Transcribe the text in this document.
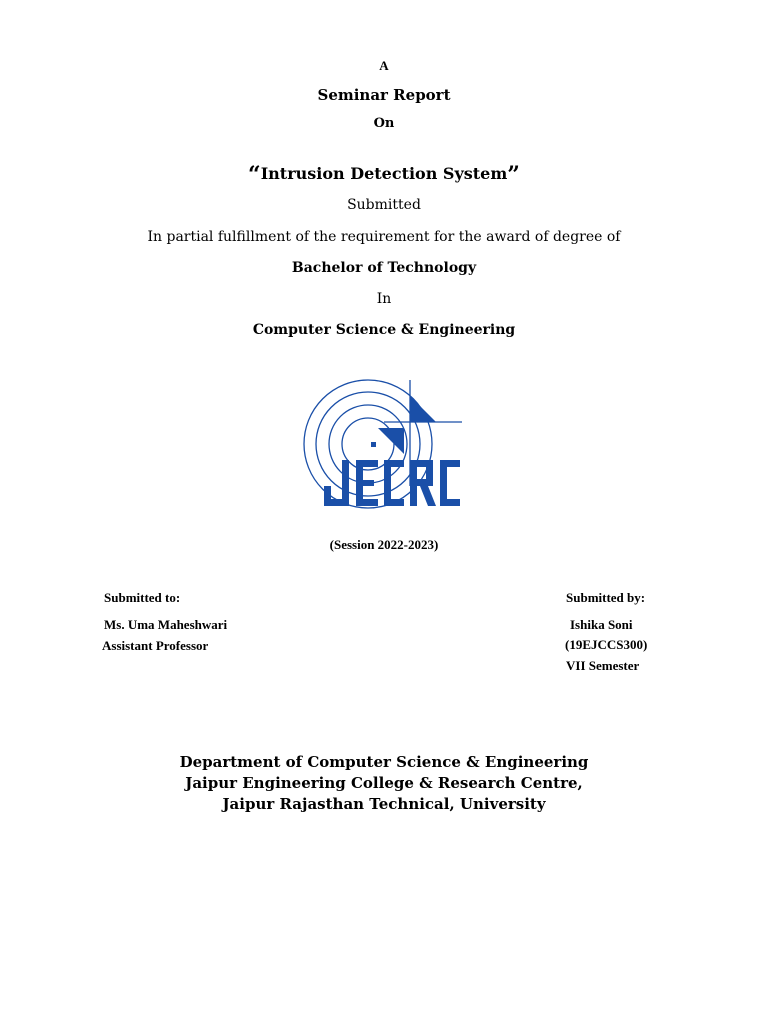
A
Seminar Report
On
“Intrusion Detection System”
Submitted
In partial fulfillment of the requirement for the award of degree of
Bachelor of Technology
In
Computer Science & Engineering
(Session 2022-2023)
Submitted to:
Ms. Uma Maheshwari
Assistant Professor
Submitted by:
Ishika Soni
(19EJCCS300)
VII Semester
Department of Computer Science & Engineering
Jaipur Engineering College & Research Centre,
Jaipur Rajasthan Technical, University
